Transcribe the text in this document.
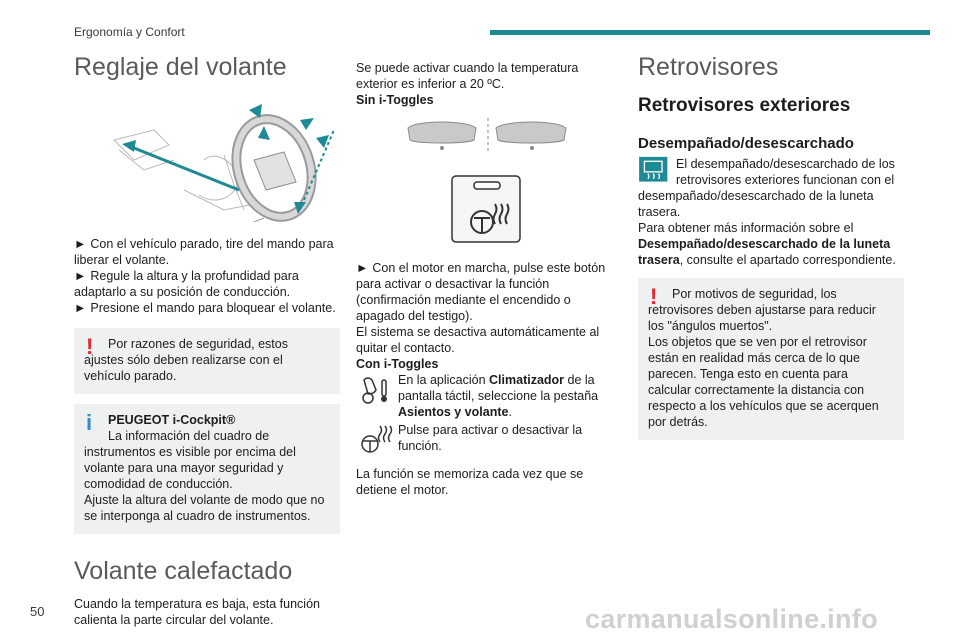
Ergonomía y Confort
Reglaje del volante

► Con el vehículo parado, tire del mando para liberar el volante.

► Regule la altura y la profundidad para adaptarlo a su posición de conducción.

► Presione el mando para bloquear el volante.

!	Por razones de seguridad, estos ajustes sólo deben realizarse con el vehículo parado.

i	PEUGEOT i-Cockpit®

La información del cuadro de instrumentos es visible por encima del volante para una mayor seguridad y comodidad de conducción.

Ajuste la altura del volante de modo que no se interponga al cuadro de instrumentos.

Volante calefactado

Cuando la temperatura es baja, esta función calienta la parte circular del volante.

Se puede activar cuando la temperatura exterior es inferior a 20 ºC.

Sin i-Toggles

► Con el motor en marcha, pulse este botón para activar o desactivar la función (confirmación mediante el encendido o apagado del testigo).

El sistema se desactiva automáticamente al quitar el contacto.

Con i-Toggles

En la aplicación Climatizador de la pantalla táctil, seleccione la pestaña Asientos y volante.
Pulse para activar o desactivar la función.

La función se memoriza cada vez que se detiene el motor.

Retrovisores
Retrovisores exteriores
Desempañado/desescarchado
El desempañado/desescarchado de los retrovisores exteriores funcionan con el desempañado/desescarchado de la luneta trasera.

Para obtener más información sobre el Desempañado/desescarchado de la luneta trasera, consulte el apartado correspondiente.

!	Por motivos de seguridad, los retrovisores deben ajustarse para reducir los "ángulos muertos".

Los objetos que se ven por el retrovisor están en realidad más cerca de lo que parecen. Tenga esto en cuenta para calcular correctamente la distancia con respecto a los vehículos que se acerquen por detrás.

50	carmanualsonline.info
